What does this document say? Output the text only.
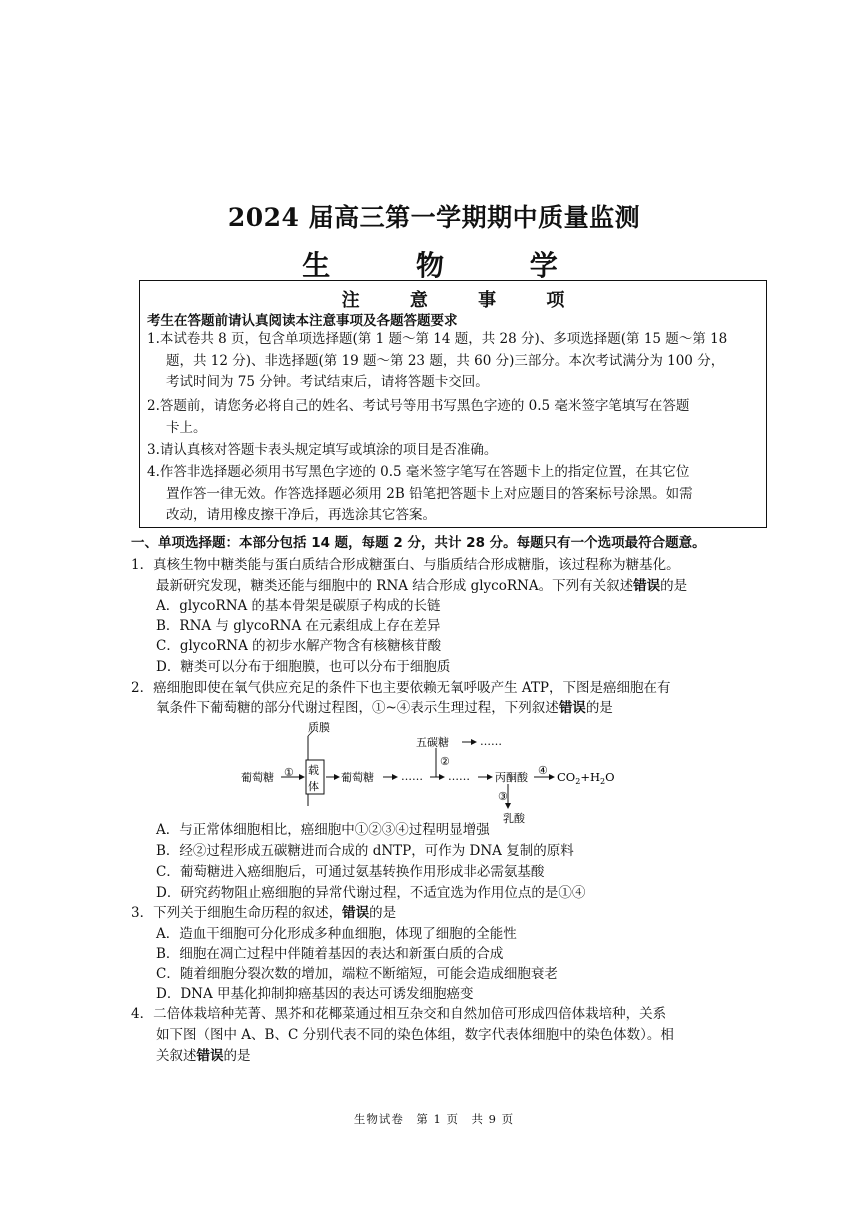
2024 届高三第一学期期中质量监测
生 物 学
注 意 事 项
考生在答题前请认真阅读本注意事项及各题答题要求
1.本试卷共 8 页，包含单项选择题(第 1 题～第 14 题，共 28 分)、多项选择题(第 15 题～第 18
题，共 12 分)、非选择题(第 19 题～第 23 题，共 60 分)三部分。本次考试满分为 100 分，
考试时间为 75 分钟。考试结束后，请将答题卡交回。
2.答题前，请您务必将自己的姓名、考试号等用书写黑色字迹的 0.5 毫米签字笔填写在答题
卡上。
3.请认真核对答题卡表头规定填写或填涂的项目是否准确。
4.作答非选择题必须用书写黑色字迹的 0.5 毫米签字笔写在答题卡上的指定位置，在其它位
置作答一律无效。作答选择题必须用 2B 铅笔把答题卡上对应题目的答案标号涂黑。如需
改动，请用橡皮擦干净后，再选涂其它答案。
一、单项选择题：本部分包括 14 题，每题 2 分，共计 28 分。每题只有一个选项最符合题意。
1．真核生物中糖类能与蛋白质结合形成糖蛋白、与脂质结合形成糖脂，该过程称为糖基化。
最新研究发现，糖类还能与细胞中的 RNA 结合形成 glycoRNA。下列有关叙述错误的是
A．glycoRNA 的基本骨架是碳原子构成的长链
B．RNA 与 glycoRNA 在元素组成上存在差异
C．glycoRNA 的初步水解产物含有核糖核苷酸
D．糖类可以分布于细胞膜，也可以分布于细胞质
2．癌细胞即使在氧气供应充足的条件下也主要依赖无氧呼吸产生 ATP，下图是癌细胞在有
氧条件下葡萄糖的部分代谢过程图，①~④表示生理过程，下列叙述错误的是
质膜
载
体
葡萄糖 ①	葡萄糖 ……
②
五碳糖	……
…… 丙酮酸
④ $CO_2+H_2O$
③
乳酸
A．与正常体细胞相比，癌细胞中①②③④过程明显增强
B．经②过程形成五碳糖进而合成的 dNTP，可作为 DNA 复制的原料
C．葡萄糖进入癌细胞后，可通过氨基转换作用形成非必需氨基酸
D．研究药物阻止癌细胞的异常代谢过程，不适宜选为作用位点的是①④
3．下列关于细胞生命历程的叙述，错误的是
A．造血干细胞可分化形成多种血细胞，体现了细胞的全能性
B．细胞在凋亡过程中伴随着基因的表达和新蛋白质的合成
C．随着细胞分裂次数的增加，端粒不断缩短，可能会造成细胞衰老
D．DNA 甲基化抑制抑癌基因的表达可诱发细胞癌变
4．二倍体栽培种芜菁、黑芥和花椰菜通过相互杂交和自然加倍可形成四倍体栽培种，关系
如下图（图中 A、B、C 分别代表不同的染色体组，数字代表体细胞中的染色体数）。相
关叙述错误的是
生物试卷　第 1 页　共 9 页
